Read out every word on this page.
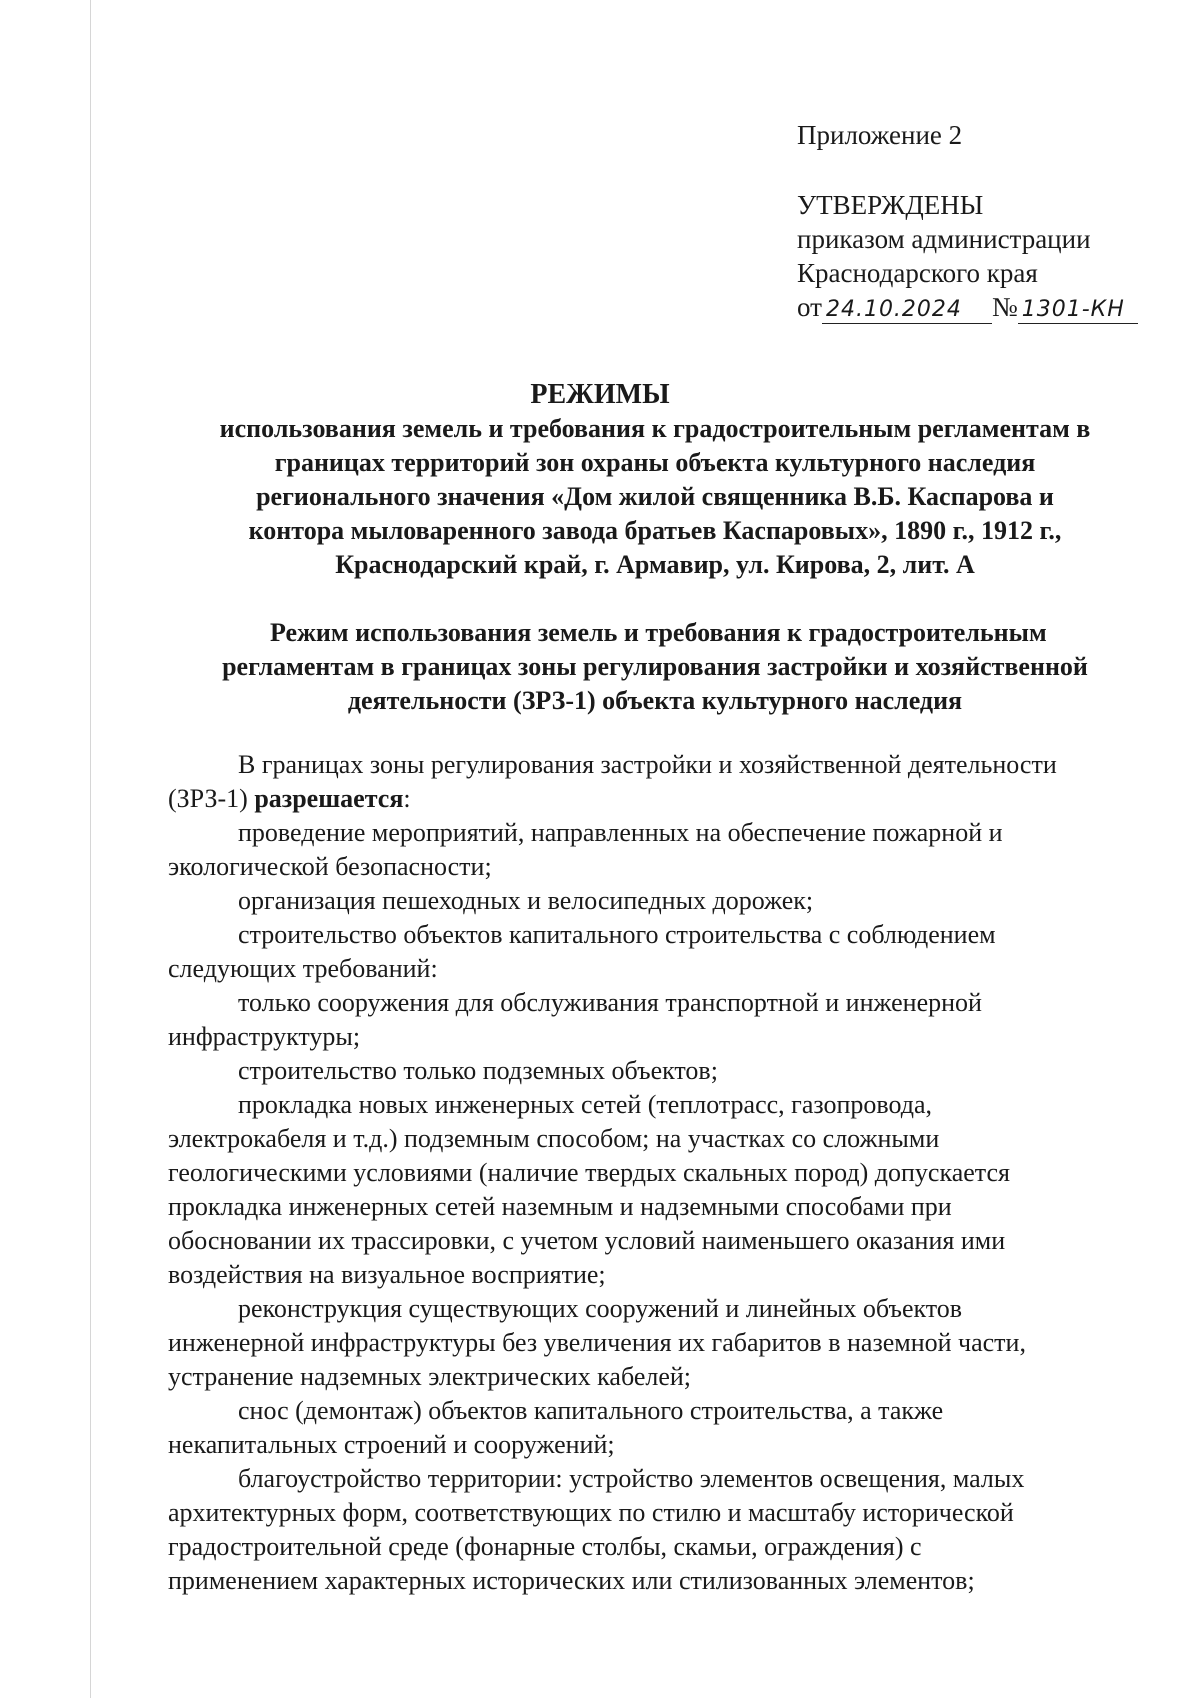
Приложение 2
УТВЕРЖДЕНЫ
приказом администрации
Краснодарского края
от 24.10.2024 № 1301-КН
РЕЖИМЫ
использования земель и требования к градостроительным регламентам в
границах территорий зон охраны объекта культурного наследия
регионального значения «Дом жилой священника В.Б. Каспарова и
контора мыловаренного завода братьев Каспаровых», 1890 г., 1912 г.,
Краснодарский край, г. Армавир, ул. Кирова, 2, лит. А
Режим использования земель и требования к градостроительным
регламентам в границах зоны регулирования застройки и хозяйственной
деятельности (ЗРЗ-1) объекта культурного наследия
В границах зоны регулирования застройки и хозяйственной деятельности
(ЗРЗ-1) разрешается:
проведение мероприятий, направленных на обеспечение пожарной и
экологической безопасности;
организация пешеходных и велосипедных дорожек;
строительство объектов капитального строительства с соблюдением
следующих требований:
только сооружения для обслуживания транспортной и инженерной
инфраструктуры;
строительство только подземных объектов;
прокладка новых инженерных сетей (теплотрасс, газопровода,
электрокабеля и т.д.) подземным способом; на участках со сложными
геологическими условиями (наличие твердых скальных пород) допускается
прокладка инженерных сетей наземным и надземными способами при
обосновании их трассировки, с учетом условий наименьшего оказания ими
воздействия на визуальное восприятие;
реконструкция существующих сооружений и линейных объектов
инженерной инфраструктуры без увеличения их габаритов в наземной части,
устранение надземных электрических кабелей;
снос (демонтаж) объектов капитального строительства, а также
некапитальных строений и сооружений;
благоустройство территории: устройство элементов освещения, малых
архитектурных форм, соответствующих по стилю и масштабу исторической
градостроительной среде (фонарные столбы, скамьи, ограждения) с
применением характерных исторических или стилизованных элементов;
